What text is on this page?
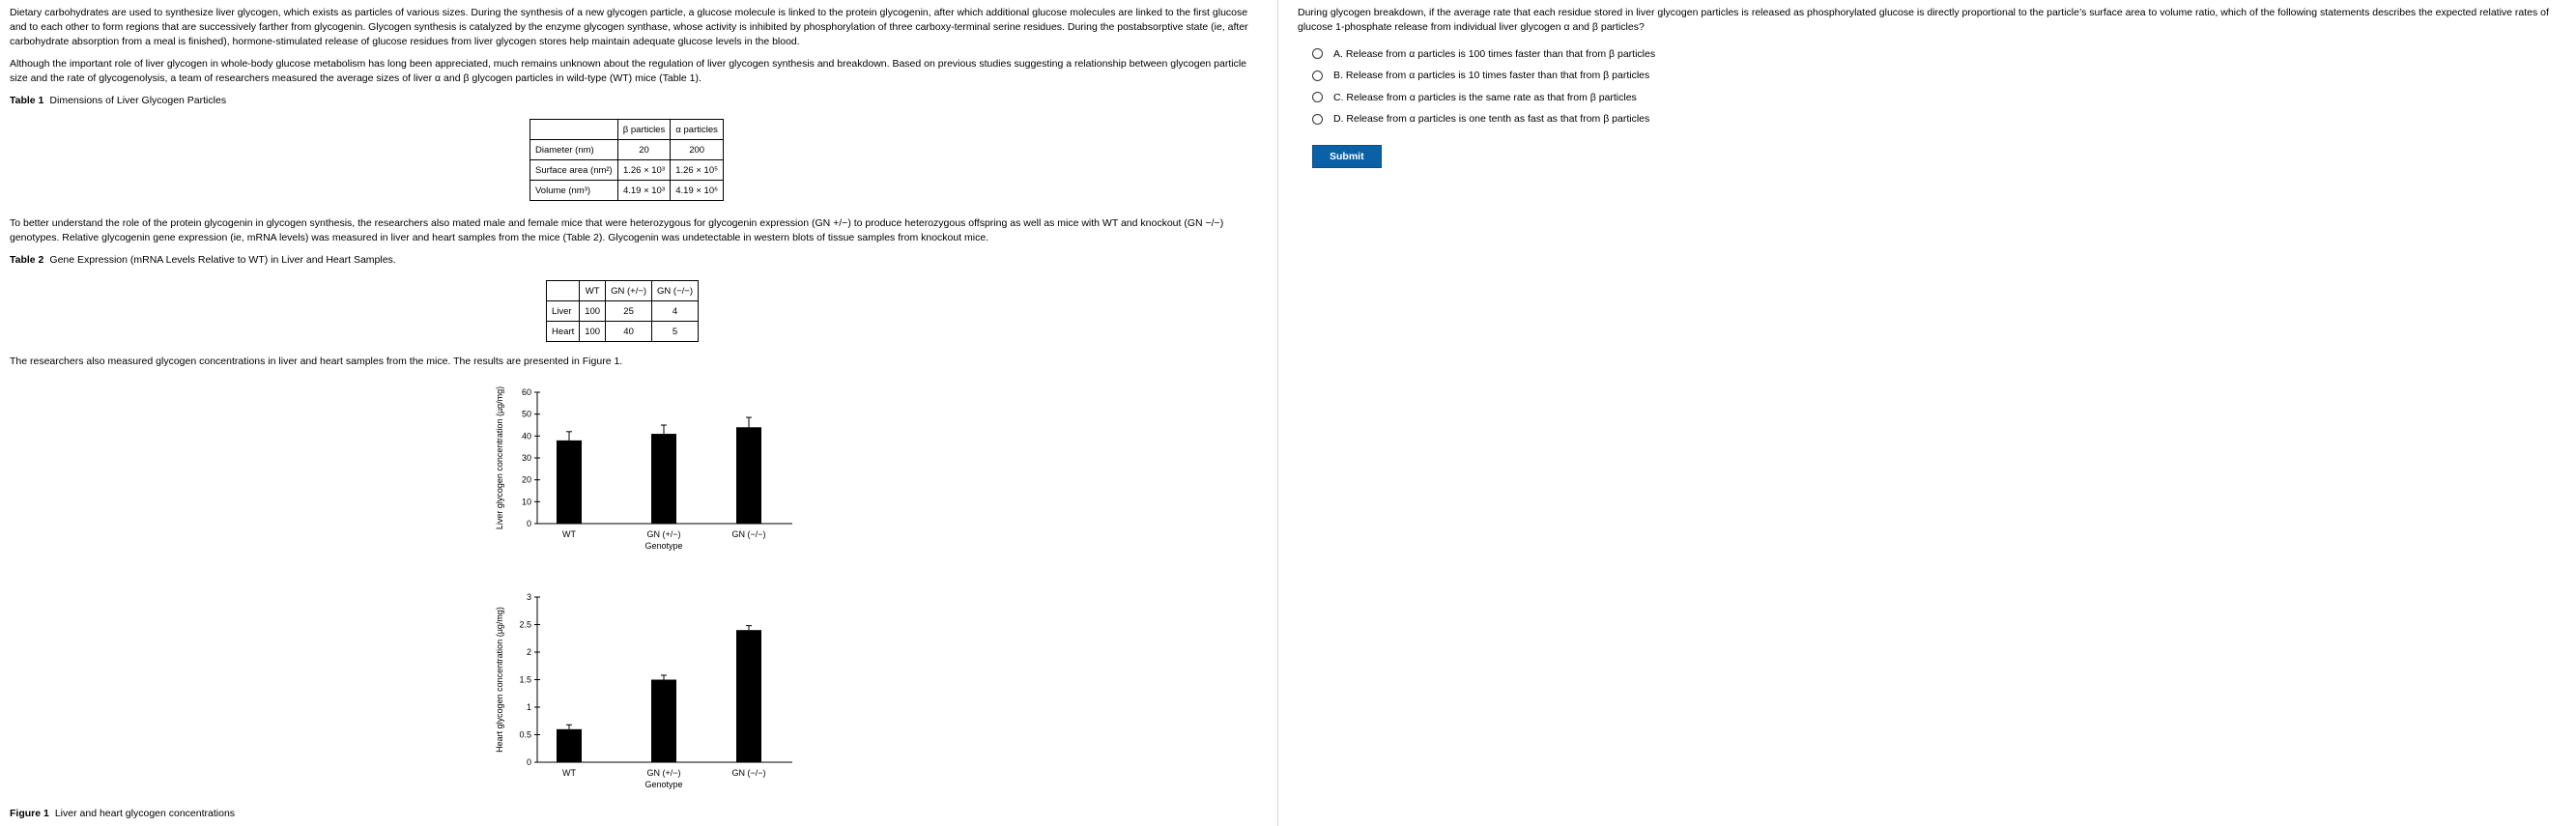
Dietary carbohydrates are used to synthesize liver glycogen, which exists as particles of various sizes. During the synthesis of a new glycogen particle, a glucose molecule is linked to the protein glycogenin, after which additional glucose molecules are linked to the first glucose and to each other to form regions that are successively farther from glycogenin. Glycogen synthesis is catalyzed by the enzyme glycogen synthase, whose activity is inhibited by phosphorylation of three carboxy-terminal serine residues. During the postabsorptive state (ie, after carbohydrate absorption from a meal is finished), hormone-stimulated release of glucose residues from liver glycogen stores help maintain adequate glucose levels in the blood.

Although the important role of liver glycogen in whole-body glucose metabolism has long been appreciated, much remains unknown about the regulation of liver glycogen synthesis and breakdown. Based on previous studies suggesting a relationship between glycogen particle size and the rate of glycogenolysis, a team of researchers measured the average sizes of liver α and β glycogen particles in wild-type (WT) mice (Table 1).

Table 1 Dimensions of Liver Glycogen Particles
	β particles	α particles
Diameter (nm)	20	200
Surface area (nm²)	1.26 × 10³	1.26 × 10⁵
Volume (nm³)	4.19 × 10³	4.19 × 10⁶

To better understand the role of the protein glycogenin in glycogen synthesis, the researchers also mated male and female mice that were heterozygous for glycogenin expression (GN +/−) to produce heterozygous offspring as well as mice with WT and knockout (GN −/−) genotypes. Relative glycogenin gene expression (ie, mRNA levels) was measured in liver and heart samples from the mice (Table 2). Glycogenin was undetectable in western blots of tissue samples from knockout mice.

Table 2 Gene Expression (mRNA Levels Relative to WT) in Liver and Heart Samples.
	WT	GN (+/−)	GN (−/−)
Liver	100	25	4
Heart	100	40	5

The researchers also measured glycogen concentrations in liver and heart samples from the mice. The results are presented in Figure 1.

0
10
20
30
40
50
60
Liver glycogen concentration (µg/mg)
WT	GN (+/−)	GN (−/−)
Genotype
0
0.5
1
1.5
2
2.5
3
Heart glycogen concentration (µg/mg)
WT	GN (+/−)	GN (−/−)
Genotype
Figure 1 Liver and heart glycogen concentrations
During glycogen breakdown, if the average rate that each residue stored in liver glycogen particles is released as phosphorylated glucose is directly proportional to the particle’s surface area to volume ratio, which of the following statements describes the expected relative rates of glucose 1-phosphate release from individual liver glycogen α and β particles?
A.
Release from α particles is 100 times faster than that from β particles
B.
Release from α particles is 10 times faster than that from β particles
C.
Release from α particles is the same rate as that from β particles
D.
Release from α particles is one tenth as fast as that from β particles
Submit
